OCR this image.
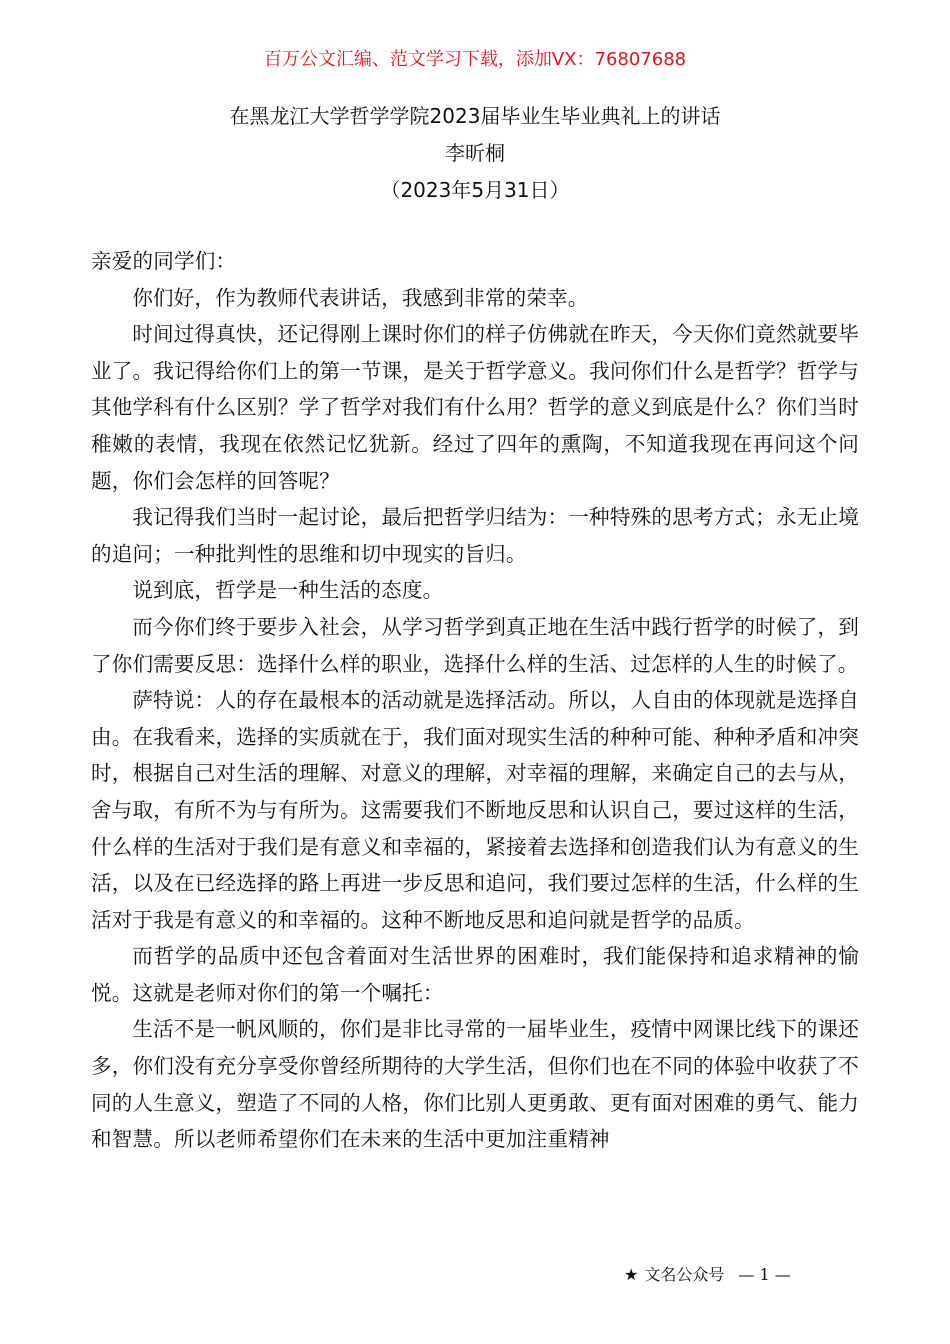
百万公文汇编、范文学习下载，添加VX：76807688
在黑龙江大学哲学学院2023届毕业生毕业典礼上的讲话
李昕桐
（2023年5月31日）

亲爱的同学们：

你们好，作为教师代表讲话，我感到非常的荣幸。

时间过得真快，还记得刚上课时你们的样子仿佛就在昨天，今天你们竟然就要毕业了。我记得给你们上的第一节课，是关于哲学意义。我问你们什么是哲学？哲学与其他学科有什么区别？学了哲学对我们有什么用？哲学的意义到底是什么？你们当时稚嫩的表情，我现在依然记忆犹新。经过了四年的熏陶，不知道我现在再问这个问题，你们会怎样的回答呢？

我记得我们当时一起讨论，最后把哲学归结为：一种特殊的思考方式；永无止境的追问；一种批判性的思维和切中现实的旨归。

说到底，哲学是一种生活的态度。

而今你们终于要步入社会，从学习哲学到真正地在生活中践行哲学的时候了，到了你们需要反思：选择什么样的职业，选择什么样的生活、过怎样的人生的时候了。

萨特说：人的存在最根本的活动就是选择活动。所以，人自由的体现就是选择自由。在我看来，选择的实质就在于，我们面对现实生活的种种可能、种种矛盾和冲突时，根据自己对生活的理解、对意义的理解，对幸福的理解，来确定自己的去与从，舍与取，有所不为与有所为。这需要我们不断地反思和认识自己，要过这样的生活，什么样的生活对于我们是有意义和幸福的，紧接着去选择和创造我们认为有意义的生活，以及在已经选择的路上再进一步反思和追问，我们要过怎样的生活，什么样的生活对于我是有意义的和幸福的。这种不断地反思和追问就是哲学的品质。

而哲学的品质中还包含着面对生活世界的困难时，我们能保持和追求精神的愉悦。这就是老师对你们的第一个嘱托：

生活不是一帆风顺的，你们是非比寻常的一届毕业生，疫情中网课比线下的课还多，你们没有充分享受你曾经所期待的大学生活，但你们也在不同的体验中收获了不同的人生意义，塑造了不同的人格，你们比别人更勇敢、更有面对困难的勇气、能力和智慧。所以老师希望你们在未来的生活中更加注重精神

★ 文名公众号 — 1 —
